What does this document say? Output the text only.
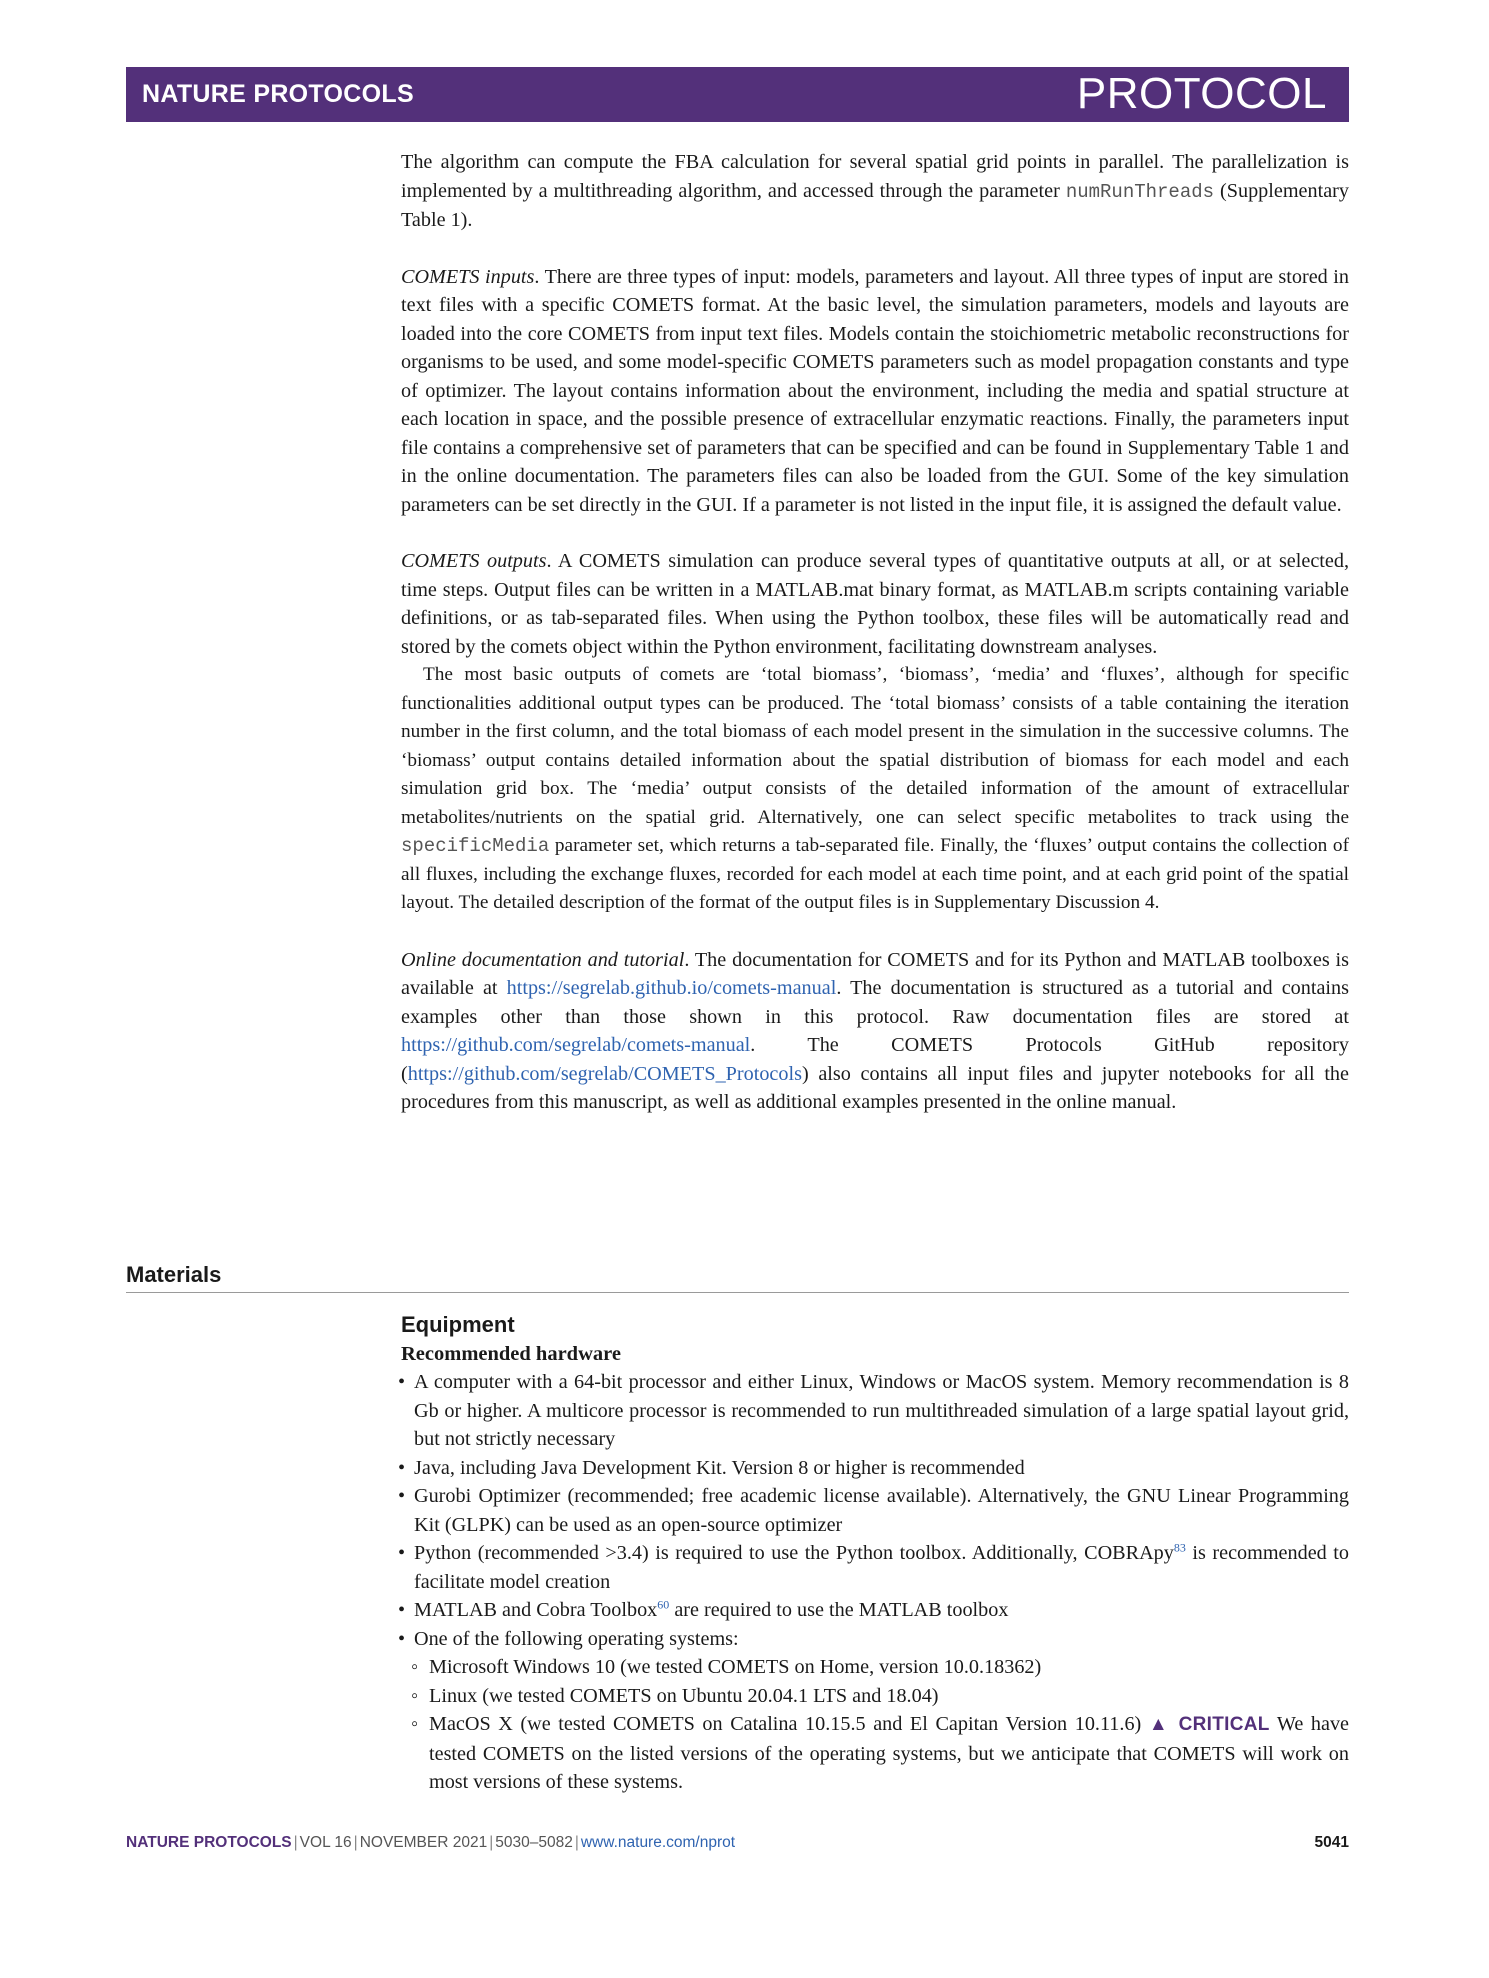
NATURE PROTOCOLS	PROTOCOL

The algorithm can compute the FBA calculation for several spatial grid points in parallel. The parallelization is implemented by a multithreading algorithm, and accessed through the parameter numRunThreads (Supplementary Table 1).

COMETS inputs. There are three types of input: models, parameters and layout. All three types of input are stored in text files with a specific COMETS format. At the basic level, the simulation parameters, models and layouts are loaded into the core COMETS from input text files. Models contain the stoichiometric metabolic reconstructions for organisms to be used, and some model-specific COMETS parameters such as model propagation constants and type of optimizer. The layout contains information about the environment, including the media and spatial structure at each location in space, and the possible presence of extracellular enzymatic reactions. Finally, the parameters input file contains a comprehensive set of parameters that can be specified and can be found in Supplementary Table 1 and in the online documentation. The parameters files can also be loaded from the GUI. Some of the key simulation parameters can be set directly in the GUI. If a parameter is not listed in the input file, it is assigned the default value.

COMETS outputs. A COMETS simulation can produce several types of quantitative outputs at all, or at selected, time steps. Output files can be written in a MATLAB.mat binary format, as MATLAB.m scripts containing variable definitions, or as tab-separated files. When using the Python toolbox, these files will be automatically read and stored by the comets object within the Python environment, facilitating downstream analyses.

The most basic outputs of comets are ‘total biomass’, ‘biomass’, ‘media’ and ‘fluxes’, although for specific functionalities additional output types can be produced. The ‘total biomass’ consists of a table containing the iteration number in the first column, and the total biomass of each model present in the simulation in the successive columns. The ‘biomass’ output contains detailed information about the spatial distribution of biomass for each model and each simulation grid box. The ‘media’ output consists of the detailed information of the amount of extracellular metabolites/nutrients on the spatial grid. Alternatively, one can select specific metabolites to track using the specificMedia parameter set, which returns a tab-separated file. Finally, the ‘fluxes’ output contains the collection of all fluxes, including the exchange fluxes, recorded for each model at each time point, and at each grid point of the spatial layout. The detailed description of the format of the output files is in Supplementary Discussion 4.

Online documentation and tutorial. The documentation for COMETS and for its Python and MATLAB toolboxes is available at https://segrelab.github.io/comets-manual. The documentation is structured as a tutorial and contains examples other than those shown in this protocol. Raw documentation files are stored at https://github.com/segrelab/comets-manual. The COMETS Protocols GitHub repository (https://github.com/segrelab/COMETS_Protocols) also contains all input files and jupyter notebooks for all the procedures from this manuscript, as well as additional examples presented in the online manual.

Materials
Equipment
Recommended hardware
• A computer with a 64-bit processor and either Linux, Windows or MacOS system. Memory recommendation is 8 Gb or higher. A multicore processor is recommended to run multithreaded simulation of a large spatial layout grid, but not strictly necessary
• Java, including Java Development Kit. Version 8 or higher is recommended
• Gurobi Optimizer (recommended; free academic license available). Alternatively, the GNU Linear Programming Kit (GLPK) can be used as an open-source optimizer
• Python (recommended >3.4) is required to use the Python toolbox. Additionally, COBRApy$^{83}$ is recommended to facilitate model creation
• MATLAB and Cobra Toolbox$^{60}$ are required to use the MATLAB toolbox
• One of the following operating systems:
◦ Microsoft Windows 10 (we tested COMETS on Home, version 10.0.18362)
◦ Linux (we tested COMETS on Ubuntu 20.04.1 LTS and 18.04)
◦ MacOS X (we tested COMETS on Catalina 10.15.5 and El Capitan Version 10.11.6) ▲ CRITICAL We have tested COMETS on the listed versions of the operating systems, but we anticipate that COMETS will work on most versions of these systems.
NATURE PROTOCOLS | VOL 16 | NOVEMBER 2021 | 5030–5082 | www.nature.com/nprot	5041
